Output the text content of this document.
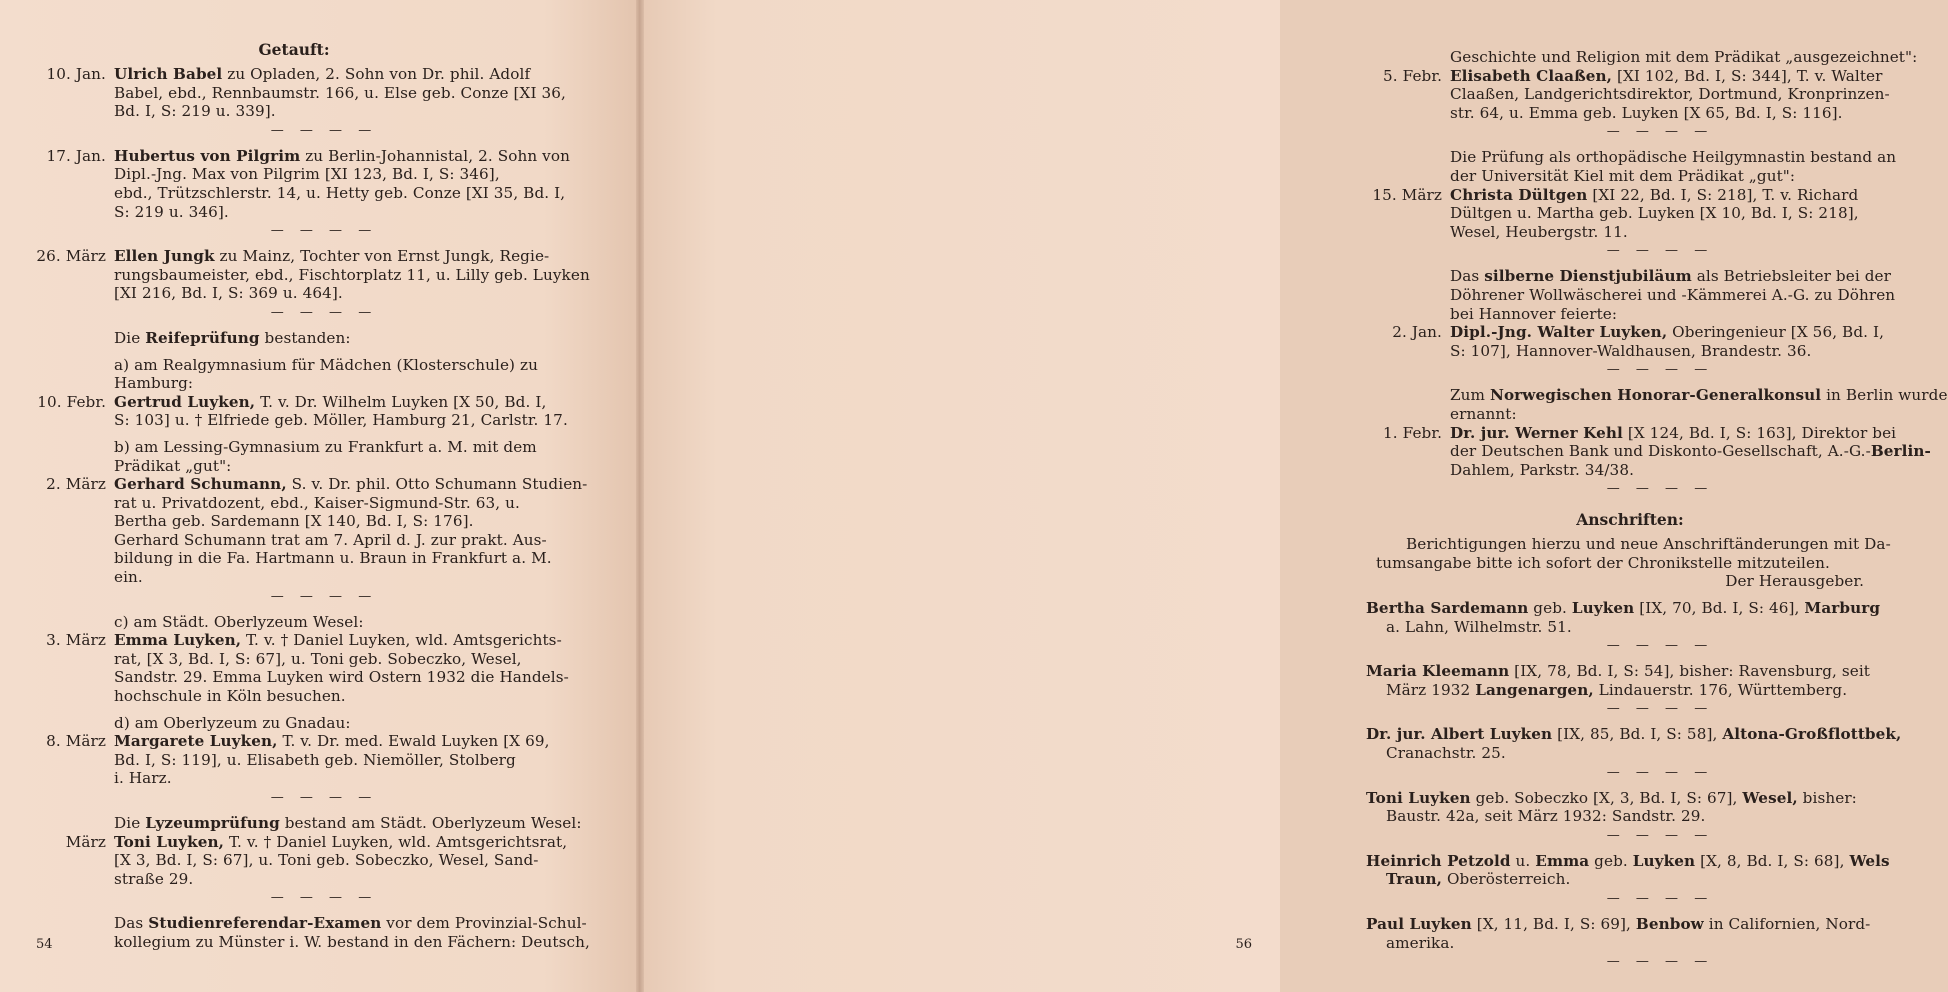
Getauft:
10. Jan. Ulrich Babel zu Opladen, 2. Sohn von Dr. phil. Adolf
Babel, ebd., Rennbaumstr. 166, u. Else geb. Conze [XI 36,
Bd. I, S: 219 u. 339].
— — — —
17. Jan. Hubertus von Pilgrim zu Berlin-Johannistal, 2. Sohn von
Dipl.-Jng. Max von Pilgrim [XI 123, Bd. I, S: 346],
ebd., Trützschlerstr. 14, u. Hetty geb. Conze [XI 35, Bd. I,
S: 219 u. 346].
— — — —
26. März Ellen Jungk zu Mainz, Tochter von Ernst Jungk, Regie-
rungsbaumeister, ebd., Fischtorplatz 11, u. Lilly geb. Luyken
[XI 216, Bd. I, S: 369 u. 464].
— — — —
Die Reifeprüfung bestanden:
a) am Realgymnasium für Mädchen (Klosterschule) zu
Hamburg:
10. Febr. Gertrud Luyken, T. v. Dr. Wilhelm Luyken [X 50, Bd. I,
S: 103] u. † Elfriede geb. Möller, Hamburg 21, Carlstr. 17.
b) am Lessing-Gymnasium zu Frankfurt a. M. mit dem
Prädikat „gut":
2. März Gerhard Schumann, S. v. Dr. phil. Otto Schumann Studien-
rat u. Privatdozent, ebd., Kaiser-Sigmund-Str. 63, u.
Bertha geb. Sardemann [X 140, Bd. I, S: 176].
Gerhard Schumann trat am 7. April d. J. zur prakt. Aus-
bildung in die Fa. Hartmann u. Braun in Frankfurt a. M.
ein.
— — — —
c) am Städt. Oberlyzeum Wesel:
3. März Emma Luyken, T. v. † Daniel Luyken, wld. Amtsgerichts-
rat, [X 3, Bd. I, S: 67], u. Toni geb. Sobeczko, Wesel,
Sandstr. 29. Emma Luyken wird Ostern 1932 die Handels-
hochschule in Köln besuchen.
d) am Oberlyzeum zu Gnadau:
8. März Margarete Luyken, T. v. Dr. med. Ewald Luyken [X 69,
Bd. I, S: 119], u. Elisabeth geb. Niemöller, Stolberg
i. Harz.
— — — —
Die Lyzeumprüfung bestand am Städt. Oberlyzeum Wesel:
März Toni Luyken, T. v. † Daniel Luyken, wld. Amtsgerichtsrat,
[X 3, Bd. I, S: 67], u. Toni geb. Sobeczko, Wesel, Sand-
straße 29.
— — — —
Das Studienreferendar-Examen vor dem Provinzial-Schul-
kollegium zu Münster i. W. bestand in den Fächern: Deutsch,
54
Geschichte und Religion mit dem Prädikat „ausgezeichnet":
5. Febr. Elisabeth Claaßen, [XI 102, Bd. I, S: 344], T. v. Walter
Claaßen, Landgerichtsdirektor, Dortmund, Kronprinzen-
str. 64, u. Emma geb. Luyken [X 65, Bd. I, S: 116].
— — — —
Die Prüfung als orthopädische Heilgymnastin bestand an
der Universität Kiel mit dem Prädikat „gut":
15. März Christa Dültgen [XI 22, Bd. I, S: 218], T. v. Richard
Dültgen u. Martha geb. Luyken [X 10, Bd. I, S: 218],
Wesel, Heubergstr. 11.
— — — —
Das silberne Dienstjubiläum als Betriebsleiter bei der
Döhrener Wollwäscherei und -Kämmerei A.-G. zu Döhren
bei Hannover feierte:
2. Jan. Dipl.-Jng. Walter Luyken, Oberingenieur [X 56, Bd. I,
S: 107], Hannover-Waldhausen, Brandestr. 36.
— — — —
Zum Norwegischen Honorar-Generalkonsul in Berlin wurde
ernannt:
1. Febr. Dr. jur. Werner Kehl [X 124, Bd. I, S: 163], Direktor bei
der Deutschen Bank und Diskonto-Gesellschaft, A.-G.-Berlin-
Dahlem, Parkstr. 34/38.
— — — —
Anschriften:
Berichtigungen hierzu und neue Anschriftänderungen mit Da-
tumsangabe bitte ich sofort der Chronikstelle mitzuteilen.
Der Herausgeber.
Bertha Sardemann geb. Luyken [IX, 70, Bd. I, S: 46], Marburg
a. Lahn, Wilhelmstr. 51.
— — — —
Maria Kleemann [IX, 78, Bd. I, S: 54], bisher: Ravensburg, seit
März 1932 Langenargen, Lindauerstr. 176, Württemberg.
— — — —
Dr. jur. Albert Luyken [IX, 85, Bd. I, S: 58], Altona-Großflottbek,
Cranachstr. 25.
— — — —
Toni Luyken geb. Sobeczko [X, 3, Bd. I, S: 67], Wesel, bisher:
Baustr. 42a, seit März 1932: Sandstr. 29.
— — — —
Heinrich Petzold u. Emma geb. Luyken [X, 8, Bd. I, S: 68], Wels
Traun, Oberösterreich.
— — — —
Paul Luyken [X, 11, Bd. I, S: 69], Benbow in Californien, Nord-
amerika.
— — — —
56
